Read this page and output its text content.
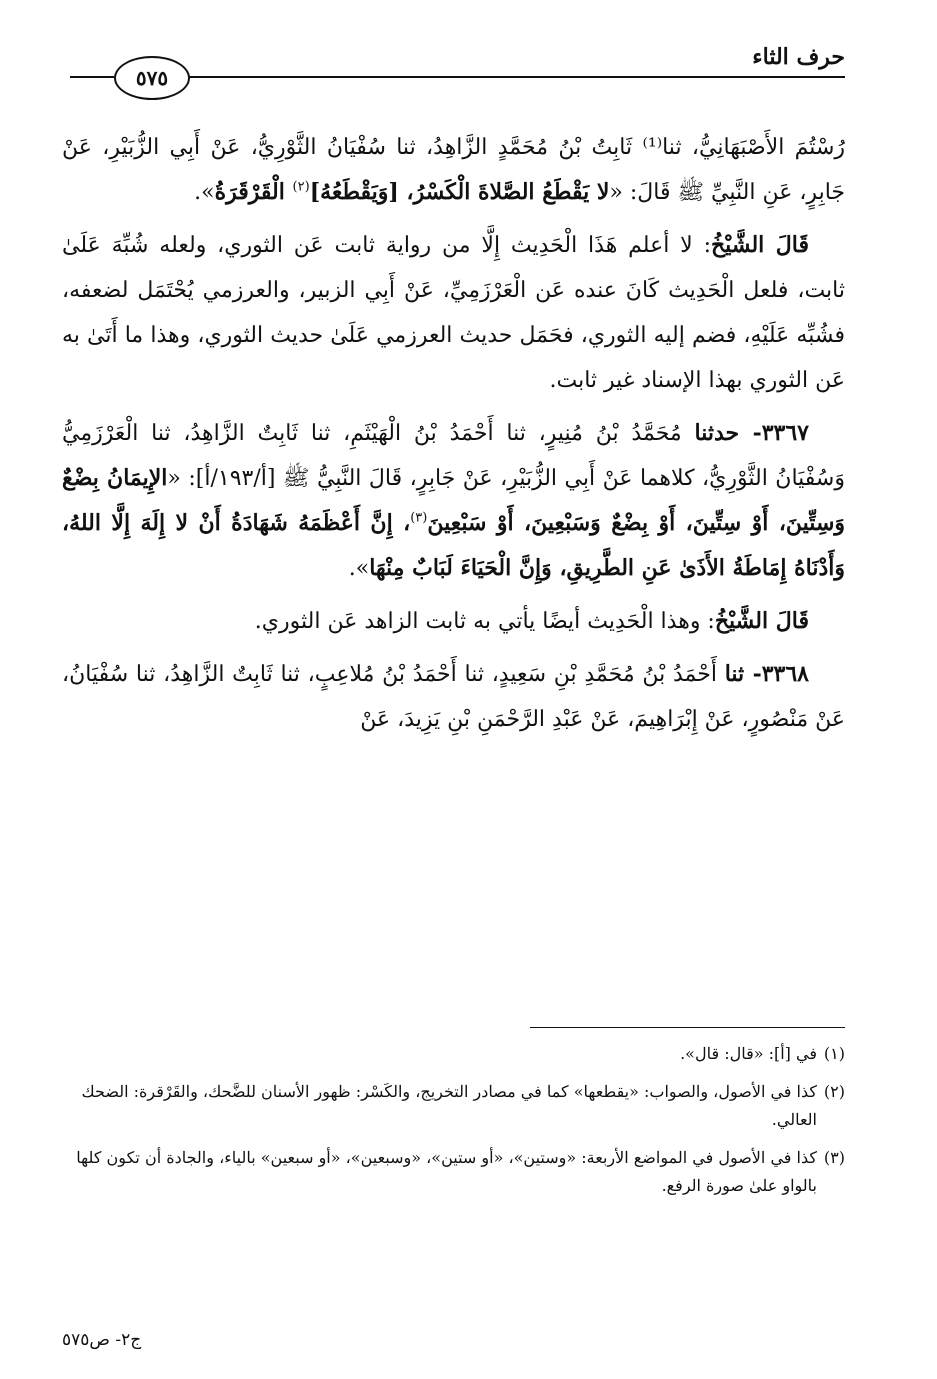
٥٧٥
حرف الثاء

رُسْتُمَ الأَصْبَهَانِيُّ، ثنا⁽¹⁾ ثَابِتُ بْنُ مُحَمَّدٍ الزَّاهِدُ، ثنا سُفْيَانُ الثَّوْرِيُّ، عَنْ أَبِي الزُّبَيْرِ، عَنْ جَابِرٍ، عَنِ النَّبِيِّ ﷺ قَالَ: «لا يَقْطَعُ الصَّلاةَ الْكَسْرُ، [وَيَقْطَعُهُ]$^{(٢)}$ الْقَرْقَرَةُ».

قَالَ الشَّيْخُ: لا أعلم هَذَا الْحَدِيث إِلَّا من رواية ثابت عَن الثوري، ولعله شُبِّهَ عَلَىٰ ثابت، فلعل الْحَدِيث كَانَ عنده عَن الْعَرْزَمِيِّ، عَنْ أَبِي الزبير، والعرزمي يُحْتَمَل لضعفه، فشُبِّه عَلَيْهِ، فضم إليه الثوري، فحَمَل حديث العرزمي عَلَىٰ حديث الثوري، وهذا ما أَتَىٰ به عَن الثوري بهذا الإسناد غير ثابت.

٣٣٦٧- حدثنا مُحَمَّدُ بْنُ مُنِيرٍ، ثنا أَحْمَدُ بْنُ الْهَيْثَمِ، ثنا ثَابِتٌ الزَّاهِدُ، ثنا الْعَرْزَمِيُّ وَسُفْيَانُ الثَّوْرِيُّ، كلاهما عَنْ أَبِي الزُّبَيْرِ، عَنْ جَابِرٍ، قَالَ النَّبِيُّ ﷺ [أ/١٩٣/أ]: «الإِيمَانُ بِضْعٌ وَسِتِّينَ، أَوْ سِتِّينَ، أَوْ بِضْعٌ وَسَبْعِينَ، أَوْ سَبْعِينَ$^{(٣)}$، إِنَّ أَعْظَمَهُ شَهَادَةُ أَنْ لا إِلَهَ إِلَّا اللهُ، وَأَدْنَاهُ إِمَاطَةُ الأَذَىٰ عَنِ الطَّرِيقِ، وَإِنَّ الْحَيَاءَ لَبَابٌ مِنْهَا».

قَالَ الشَّيْخُ: وهذا الْحَدِيث أيضًا يأتي به ثابت الزاهد عَن الثوري.

٣٣٦٨- ثنا أَحْمَدُ بْنُ مُحَمَّدِ بْنِ سَعِيدٍ، ثنا أَحْمَدُ بْنُ مُلاعِبٍ، ثنا ثَابِتٌ الزَّاهِدُ، ثنا سُفْيَانُ، عَنْ مَنْصُورٍ، عَنْ إِبْرَاهِيمَ، عَنْ عَبْدِ الرَّحْمَنِ بْنِ يَزِيدَ، عَنْ

(١)
في [أ]: «قال: قال».
(٢)
كذا في الأصول، والصواب: «يقطعها» كما في مصادر التخريج، والكَسْر: ظهور الأسنان للضَّحك، والقَرْقرة: الضحك العالي.
(٣)
كذا في الأصول في المواضع الأربعة: «وستين»، «أو ستين»، «وسبعين»، «أو سبعين» بالياء، والجادة أن تكون كلها بالواو علىٰ صورة الرفع.
ج٢- ص٥٧٥
